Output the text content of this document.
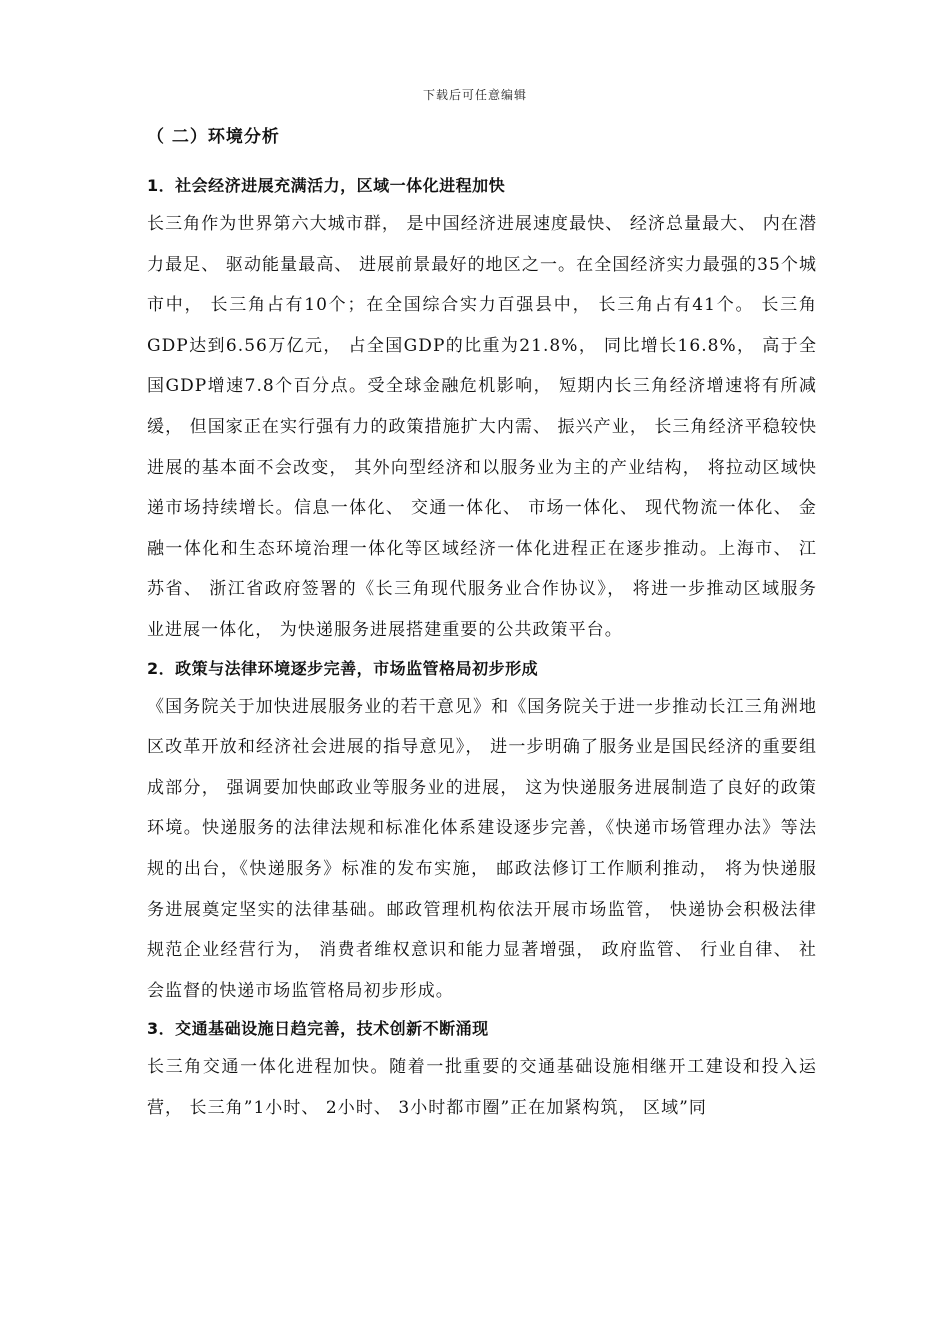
下载后可任意编辑
（ 二）环境分析
1．社会经济进展充满活力，区域一体化进程加快

长三角作为世界第六大城市群， 是中国经济进展速度最快、 经济总量最大、 内在潜力最足、 驱动能量最高、 进展前景最好的地区之一。在全国经济实力最强的35个城市中， 长三角占有10个；在全国综合实力百强县中， 长三角占有41个。 长三角GDP达到6.56万亿元， 占全国GDP的比重为21.8%， 同比增长16.8%， 高于全国GDP增速7.8个百分点。受全球金融危机影响， 短期内长三角经济增速将有所减缓， 但国家正在实行强有力的政策措施扩大内需、 振兴产业， 长三角经济平稳较快进展的基本面不会改变， 其外向型经济和以服务业为主的产业结构， 将拉动区域快递市场持续增长。信息一体化、 交通一体化、 市场一体化、 现代物流一体化、 金融一体化和生态环境治理一体化等区域经济一体化进程正在逐步推动。上海市、 江苏省、 浙江省政府签署的《长三角现代服务业合作协议》， 将进一步推动区域服务业进展一体化， 为快递服务进展搭建重要的公共政策平台。

2．政策与法律环境逐步完善，市场监管格局初步形成

《国务院关于加快进展服务业的若干意见》和《国务院关于进一步推动长江三角洲地区改革开放和经济社会进展的指导意见》， 进一步明确了服务业是国民经济的重要组成部分， 强调要加快邮政业等服务业的进展， 这为快递服务进展制造了良好的政策环境。快递服务的法律法规和标准化体系建设逐步完善，《快递市场管理办法》等法规的出台，《快递服务》标准的发布实施， 邮政法修订工作顺利推动， 将为快递服务进展奠定坚实的法律基础。邮政管理机构依法开展市场监管， 快递协会积极法律规范企业经营行为， 消费者维权意识和能力显著增强， 政府监管、 行业自律、 社会监督的快递市场监管格局初步形成。

3．交通基础设施日趋完善，技术创新不断涌现

长三角交通一体化进程加快。随着一批重要的交通基础设施相继开工建设和投入运营， 长三角”1小时、 2小时、 3小时都市圈”正在加紧构筑， 区域”同
